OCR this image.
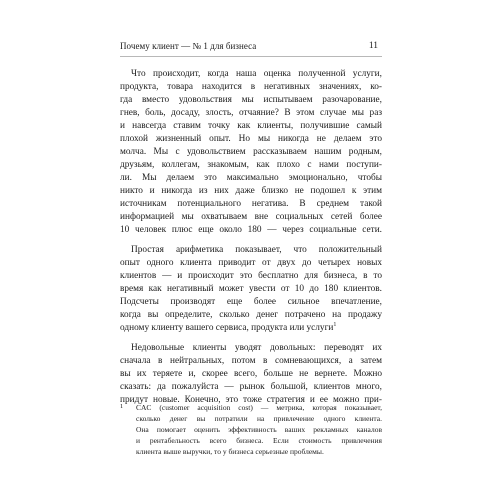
Почему клиент — № 1 для бизнеса	11
Что происходит, когда наша оценка полученной услуги,
продукта, товара находится в негативных значениях, ко-
гда вместо удовольствия мы испытываем разочарование,
гнев, боль, досаду, злость, отчаяние? В этом случае мы раз
и навсегда ставим точку как клиенты, получившие самый
плохой жизненный опыт. Но мы никогда не делаем это
молча. Мы с удовольствием рассказываем нашим родным,
друзьям, коллегам, знакомым, как плохо с нами поступи-
ли. Мы делаем это максимально эмоционально, чтобы
никто и никогда из них даже близко не подошел к этим
источникам потенциального негатива. В среднем такой
информацией мы охватываем вне социальных сетей более
10 человек плюс еще около 180 — через социальные сети.
Простая арифметика показывает, что положительный
опыт одного клиента приводит от двух до четырех новых
клиентов — и происходит это бесплатно для бизнеса, в то
время как негативный может увести от 10 до 180 клиентов.
Подсчеты производят еще более сильное впечатление,
когда вы определите, сколько денег потрачено на продажу
одному клиенту вашего сервиса, продукта или услуги$^1$
Недовольные клиенты уводят довольных: переводят их
сначала в нейтральных, потом в сомневающихся, а затем
вы их теряете и, скорее всего, больше не вернете. Можно
сказать: да пожалуйста — рынок большой, клиентов много,
придут новые. Конечно, это тоже стратегия и ее можно при-
1 CAC (customer acquisition cost) — метрика, которая показывает,
сколько денег вы потратили на привлечение одного клиента.
Она помогает оценить эффективность ваших рекламных каналов
и рентабельность всего бизнеса. Если стоимость привлечения
клиента выше выручки, то у бизнеса серьезные проблемы.
